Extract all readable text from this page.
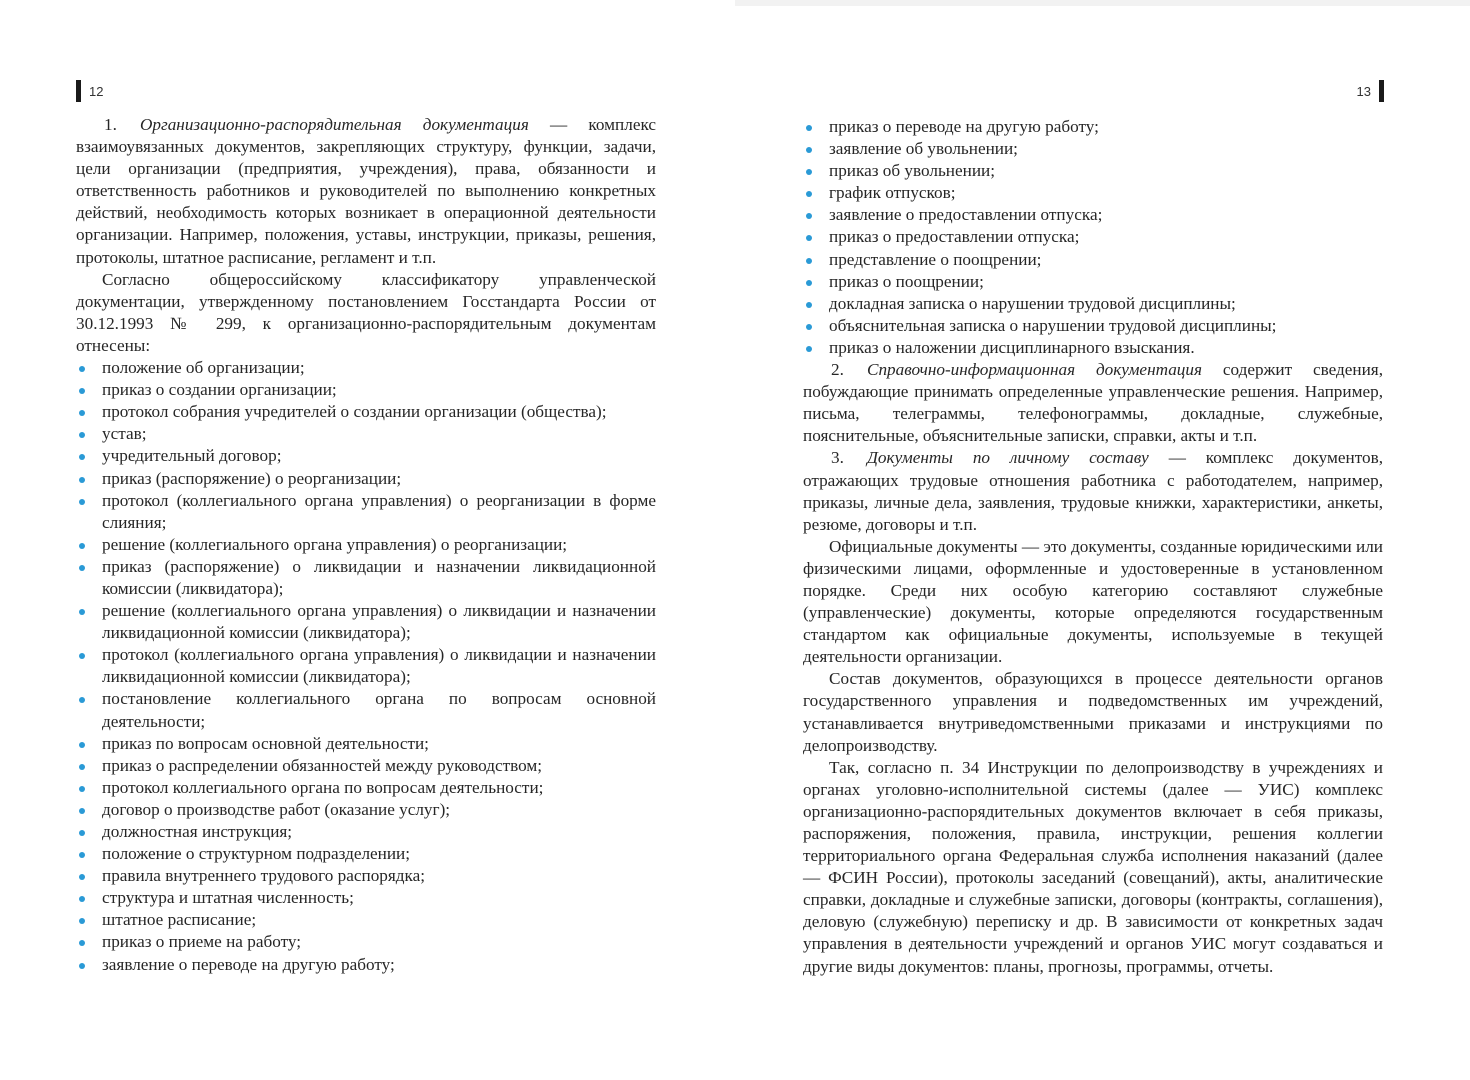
12

1. Организационно-распорядительная документация — комплекс взаимоувязанных документов, закрепляющих структуру, функции, задачи, цели организации (предприятия, учреждения), права, обязанности и ответственность работников и руководителей по выполнению конкретных действий, необходимость которых возникает в операционной деятельности организации. Например, положения, уставы, инструкции, приказы, решения, протоколы, штатное расписание, регламент и т.п.

Согласно общероссийскому классификатору управленческой документации, утвержденному постановлением Госстандарта России от 30.12.1993 № 299, к организационно-распорядительным документам отнесены:

положение об организации;
приказ о создании организации;
протокол собрания учредителей о создании организации (общества);
устав;
учредительный договор;
приказ (распоряжение) о реорганизации;
протокол (коллегиального органа управления) о реорганизации в форме слияния;
решение (коллегиального органа управления) о реорганизации;
приказ (распоряжение) о ликвидации и назначении ликвидационной комиссии (ликвидатора);
решение (коллегиального органа управления) о ликвидации и назначении ликвидационной комиссии (ликвидатора);
протокол (коллегиального органа управления) о ликвидации и назначении ликвидационной комиссии (ликвидатора);
постановление коллегиального органа по вопросам основной деятельности;
приказ по вопросам основной деятельности;
приказ о распределении обязанностей между руководством;
протокол коллегиального органа по вопросам деятельности;
договор о производстве работ (оказание услуг);
должностная инструкция;
положение о структурном подразделении;
правила внутреннего трудового распорядка;
структура и штатная численность;
штатное расписание;
приказ о приеме на работу;
заявление о переводе на другую работу;
13
приказ о переводе на другую работу;
заявление об увольнении;
приказ об увольнении;
график отпусков;
заявление о предоставлении отпуска;
приказ о предоставлении отпуска;
представление о поощрении;
приказ о поощрении;
докладная записка о нарушении трудовой дисциплины;
объяснительная записка о нарушении трудовой дисциплины;
приказ о наложении дисциплинарного взыскания.

2. Справочно-информационная документация содержит сведения, побуждающие принимать определенные управленческие решения. Например, письма, телеграммы, телефонограммы, докладные, служебные, пояснительные, объяснительные записки, справки, акты и т.п.

3. Документы по личному составу — комплекс документов, отражающих трудовые отношения работника с работодателем, например, приказы, личные дела, заявления, трудовые книжки, характеристики, анкеты, резюме, договоры и т.п.

Официальные документы — это документы, созданные юридическими или физическими лицами, оформленные и удостоверенные в установленном порядке. Среди них особую категорию составляют служебные (управленческие) документы, которые определяются государственным стандартом как официальные документы, используемые в текущей деятельности организации.

Состав документов, образующихся в процессе деятельности органов государственного управления и подведомственных им учреждений, устанавливается внутриведомственными приказами и инструкциями по делопроизводству.

Так, согласно п. 34 Инструкции по делопроизводству в учреждениях и органах уголовно-исполнительной системы (далее — УИС) комплекс организационно-распорядительных документов включает в себя приказы, распоряжения, положения, правила, инструкции, решения коллегии территориального органа Федеральная служба исполнения наказаний (далее — ФСИН России), протоколы заседаний (совещаний), акты, аналитические справки, докладные и служебные записки, договоры (контракты, соглашения), деловую (служебную) переписку и др. В зависимости от конкретных задач управления в деятельности учреждений и органов УИС могут создаваться и другие виды документов: планы, прогнозы, программы, отчеты.
